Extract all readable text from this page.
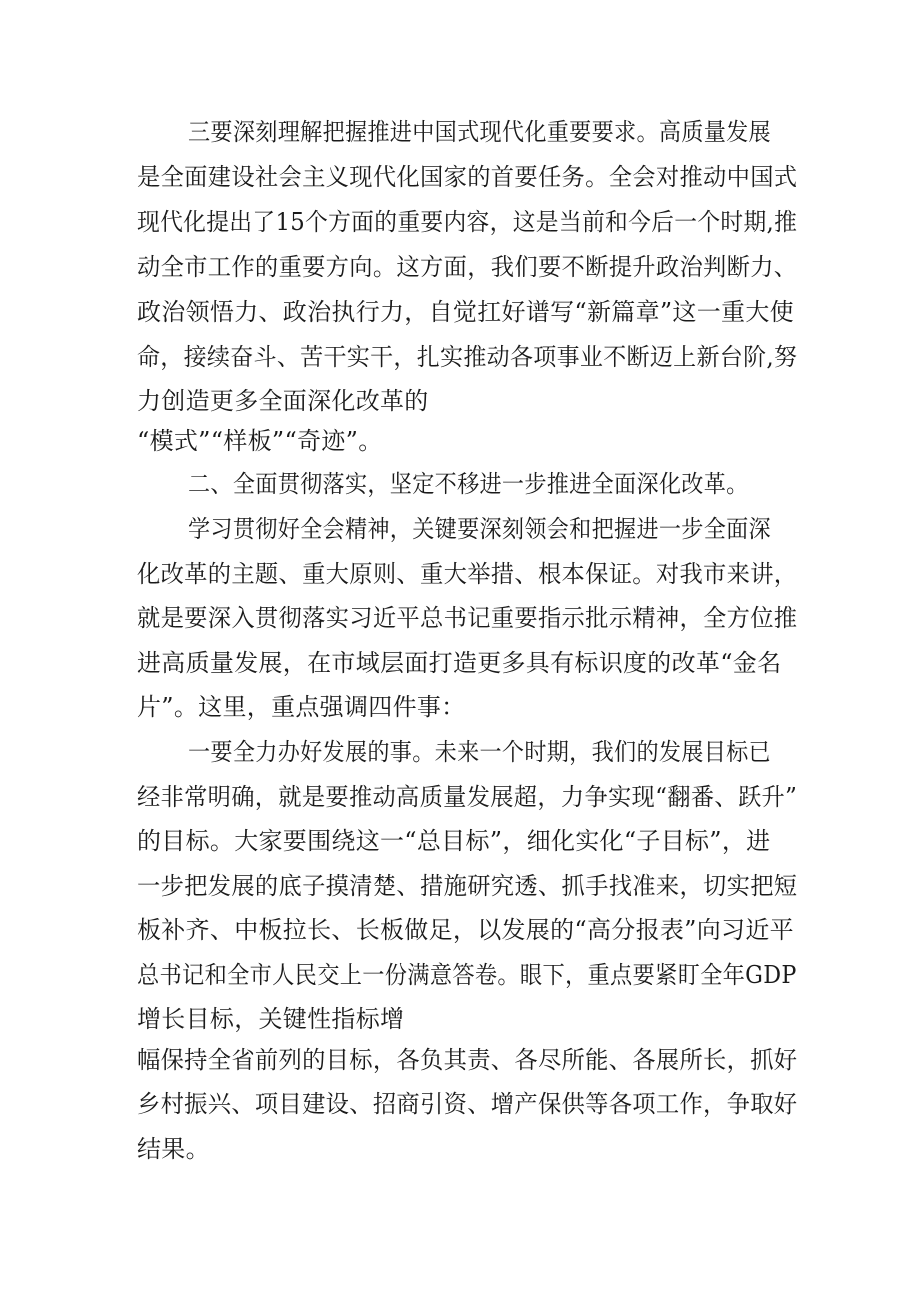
三要深刻理解把握推进中国式现代化重要要求。高质量发展
是全面建设社会主义现代化国家的首要任务。全会对推动中国式
现代化提出了15个方面的重要内容，这是当前和今后一个时期,推
动全市工作的重要方向。这方面，我们要不断提升政治判断力、
政治领悟力、政治执行力，自觉扛好谱写“新篇章”这一重大使
命，接续奋斗、苦干实干，扎实推动各项事业不断迈上新台阶,努
力创造更多全面深化改革的
“模式”“样板”“奇迹”。
二、全面贯彻落实，坚定不移进一步推进全面深化改革。
学习贯彻好全会精神，关键要深刻领会和把握进一步全面深
化改革的主题、重大原则、重大举措、根本保证。对我市来讲，
就是要深入贯彻落实习近平总书记重要指示批示精神，全方位推
进高质量发展，在市域层面打造更多具有标识度的改革“金名
片”。这里，重点强调四件事：
一要全力办好发展的事。未来一个时期，我们的发展目标已
经非常明确，就是要推动高质量发展超，力争实现“翻番、跃升”
的目标。大家要围绕这一“总目标”，细化实化“子目标”，进
一步把发展的底子摸清楚、措施研究透、抓手找准来，切实把短
板补齐、中板拉长、长板做足，以发展的“高分报表”向习近平
总书记和全市人民交上一份满意答卷。眼下，重点要紧盯全年GDP
增长目标，关键性指标增
幅保持全省前列的目标，各负其责、各尽所能、各展所长，抓好
乡村振兴、项目建设、招商引资、增产保供等各项工作，争取好
结果。
